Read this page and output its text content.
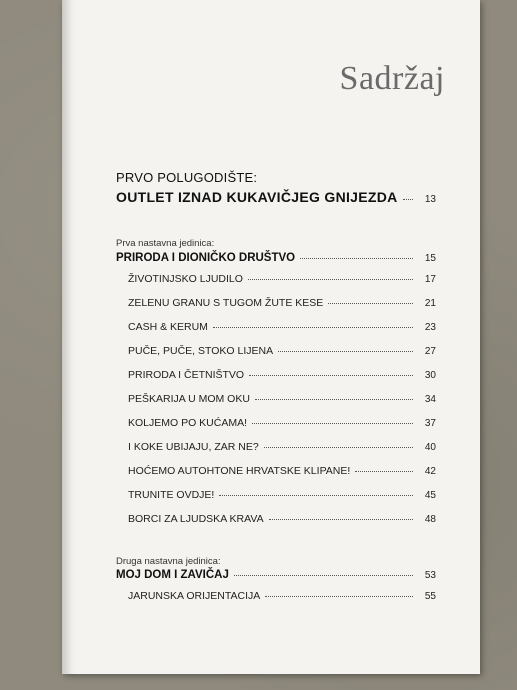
Sadržaj
PRVO POLUGODIŠTE:
OUTLET IZNAD KUKAVIČJEG GNIJEZDA	13
Prva nastavna jedinica:
PRIRODA I DIONIČKO DRUŠTVO	15
ŽIVOTINJSKO LJUDILO	17
ZELENU GRANU S TUGOM ŽUTE KESE	21
CASH & KERUM	23
PUČE, PUČE, STOKO LIJENA	27
PRIRODA I ČETNIŠTVO	30
PEŠKARIJA U MOM OKU	34
KOLJEMO PO KUĆAMA!	37
I KOKE UBIJAJU, ZAR NE?	40
HOĆEMO AUTOHTONE HRVATSKE KLIPANE!	42
TRUNITE OVDJE!	45
BORCI ZA LJUDSKA KRAVA	48
Druga nastavna jedinica:
MOJ DOM I ZAVIČAJ	53
JARUNSKA ORIJENTACIJA	55
